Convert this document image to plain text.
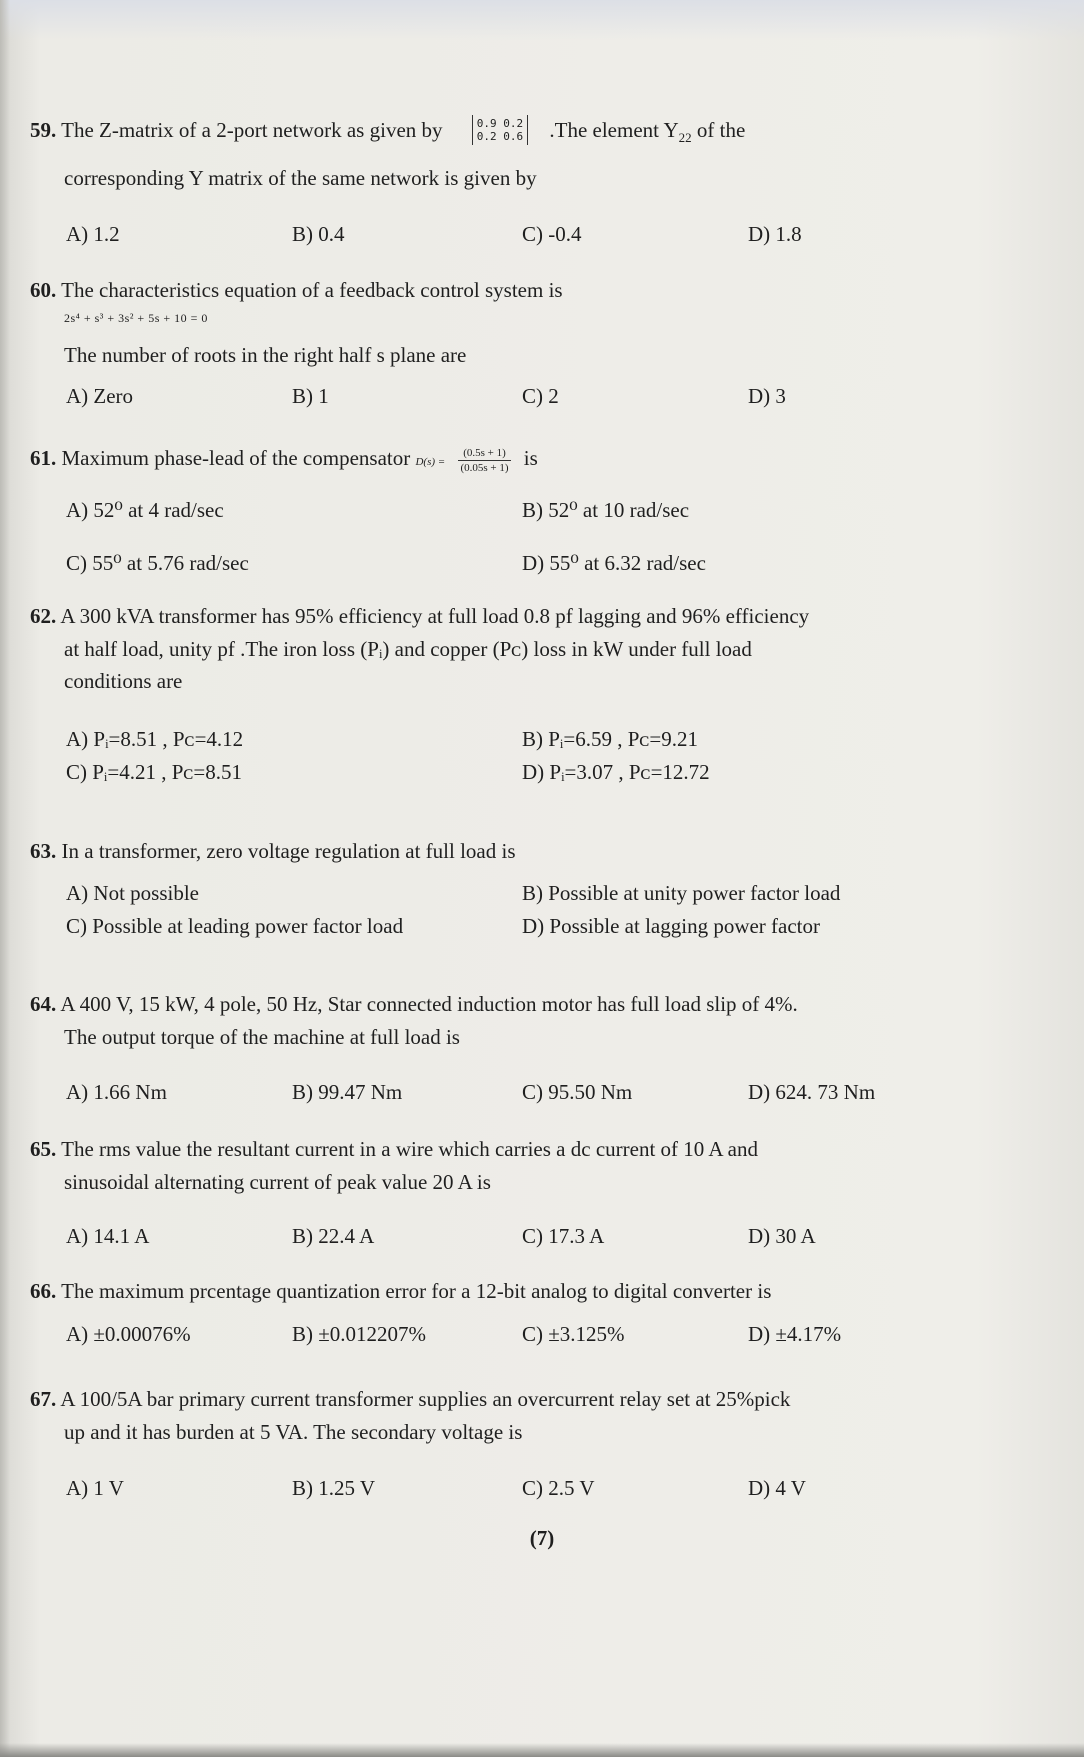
59. The Z-matrix of a 2-port network as given by	0.9 0.2
0.2 0.6 .The element $Y_{22}$ of the
corresponding Y matrix of the same network is given by
A) 1.2	B) 0.4	C) -0.4	D) 1.8
60. The characteristics equation of a feedback control system is
2s⁴ + s³ + 3s² + 5s + 10 = 0
The number of roots in the right half s plane are
A) Zero	B) 1	C) 2	D) 3
61. Maximum phase-lead of the compensator $D(s) = \frac{(0.5s + 1)}{(0.05s + 1)}$ is
A) 52⁰ at 4 rad/sec	B) 52⁰ at 10 rad/sec
C) 55⁰ at 5.76 rad/sec	D) 55⁰ at 6.32 rad/sec
62. A 300 kVA transformer has 95% efficiency at full load 0.8 pf lagging and 96% efficiency
at half load, unity pf .The iron loss (Pᵢ) and copper (Pᴄ) loss in kW under full load
conditions are
A) Pᵢ=8.51 , Pᴄ=4.12	B) Pᵢ=6.59 , Pᴄ=9.21
C) Pᵢ=4.21 , Pᴄ=8.51	D) Pᵢ=3.07 , Pᴄ=12.72
63. In a transformer, zero voltage regulation at full load is
A) Not possible	B) Possible at unity power factor load
C) Possible at leading power factor load	D) Possible at lagging power factor
64. A 400 V, 15 kW, 4 pole, 50 Hz, Star connected induction motor has full load slip of 4%.
The output torque of the machine at full load is
A) 1.66 Nm	B) 99.47 Nm	C) 95.50 Nm	D) 624. 73 Nm
65. The rms value the resultant current in a wire which carries a dc current of 10 A and
sinusoidal alternating current of peak value 20 A is
A) 14.1 A	B) 22.4 A	C) 17.3 A	D) 30 A
66. The maximum prcentage quantization error for a 12-bit analog to digital converter is
A) ±0.00076%	B) ±0.012207%	C) ±3.125%	D) ±4.17%
67. A 100/5A bar primary current transformer supplies an overcurrent relay set at 25%pick
up and it has burden at 5 VA. The secondary voltage is
A) 1 V	B) 1.25 V	C) 2.5 V	D) 4 V
(7)
